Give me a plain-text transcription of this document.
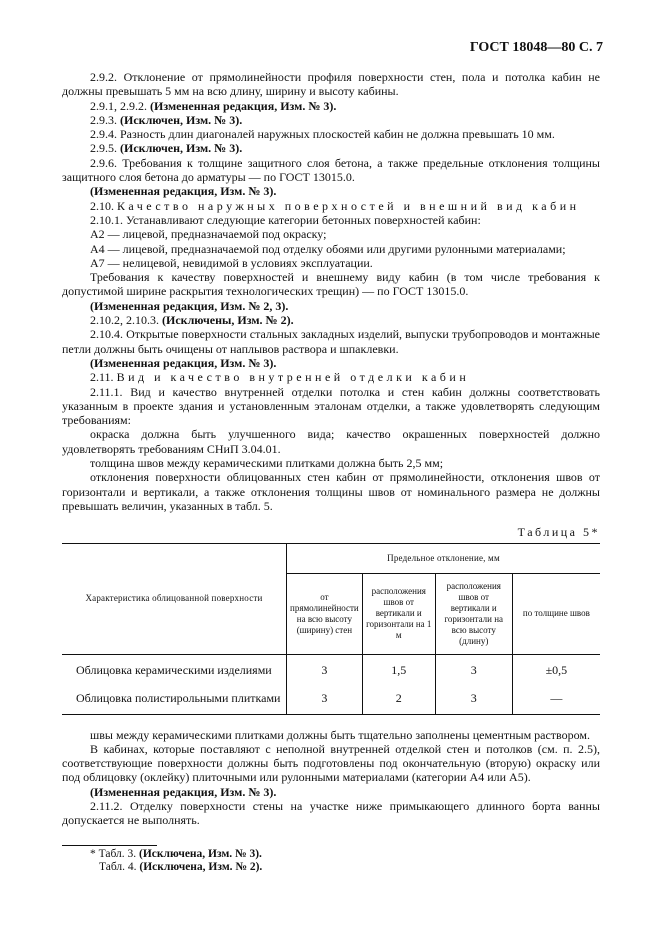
ГОСТ 18048—80 С. 7

2.9.2. Отклонение от прямолинейности профиля поверхности стен, пола и потолка кабин не должны превышать 5 мм на всю длину, ширину и высоту кабины.

2.9.1, 2.9.2. (Измененная редакция, Изм. № 3).

2.9.3. (Исключен, Изм. № 3).

2.9.4. Разность длин диагоналей наружных плоскостей кабин не должна превышать 10 мм.

2.9.5. (Исключен, Изм. № 3).

2.9.6. Требования к толщине защитного слоя бетона, а также предельные отклонения толщины защитного слоя бетона до арматуры — по ГОСТ 13015.0.

(Измененная редакция, Изм. № 3).

2.10. Качество наружных поверхностей и внешний вид кабин

2.10.1. Устанавливают следующие категории бетонных поверхностей кабин:

А2 — лицевой, предназначаемой под окраску;

А4 — лицевой, предназначаемой под отделку обоями или другими рулонными материалами;

А7 — нелицевой, невидимой в условиях эксплуатации.

Требования к качеству поверхностей и внешнему виду кабин (в том числе требования к допустимой ширине раскрытия технологических трещин) — по ГОСТ 13015.0.

(Измененная редакция, Изм. № 2, 3).

2.10.2, 2.10.3. (Исключены, Изм. № 2).

2.10.4. Открытые поверхности стальных закладных изделий, выпуски трубопроводов и монтажные петли должны быть очищены от наплывов раствора и шпаклевки.

(Измененная редакция, Изм. № 3).

2.11. Вид и качество внутренней отделки кабин

2.11.1. Вид и качество внутренней отделки потолка и стен кабин должны соответствовать указанным в проекте здания и установленным эталонам отделки, а также удовлетворять следующим требованиям:

окраска должна быть улучшенного вида; качество окрашенных поверхностей должно удовлетворять требованиям СНиП 3.04.01.

толщина швов между керамическими плитками должна быть 2,5 мм;

отклонения поверхности облицованных стен кабин от прямолинейности, отклонения швов от горизонтали и вертикали, а также отклонения толщины швов от номинального размера не должны превышать величин, указанных в табл. 5.

Таблица 5*
Характеристика облицованной поверхности	Предельное отклонение, мм			
	от прямолинейности на всю высоту (ширину) стен	расположения швов от вертикали и горизонтали на 1 м	расположения швов от вертикали и горизонтали на всю высоту (длину)	по толщине швов
Облицовка керамическими изделиями	3	1,5	3	±0,5
Облицовка полистирольными плитками	3	2	3	—

швы между керамическими плитками должны быть тщательно заполнены цементным раствором.

В кабинах, которые поставляют с неполной внутренней отделкой стен и потолков (см. п. 2.5), соответствующие поверхности должны быть подготовлены под окончательную (вторую) окраску или под облицовку (оклейку) плиточными или рулонными материалами (категории А4 или А5).

(Измененная редакция, Изм. № 3).

2.11.2. Отделку поверхности стены на участке ниже примыкающего длинного борта ванны допускается не выполнять.

* Табл. 3. (Исключена, Изм. № 3).
Табл. 4. (Исключена, Изм. № 2).
